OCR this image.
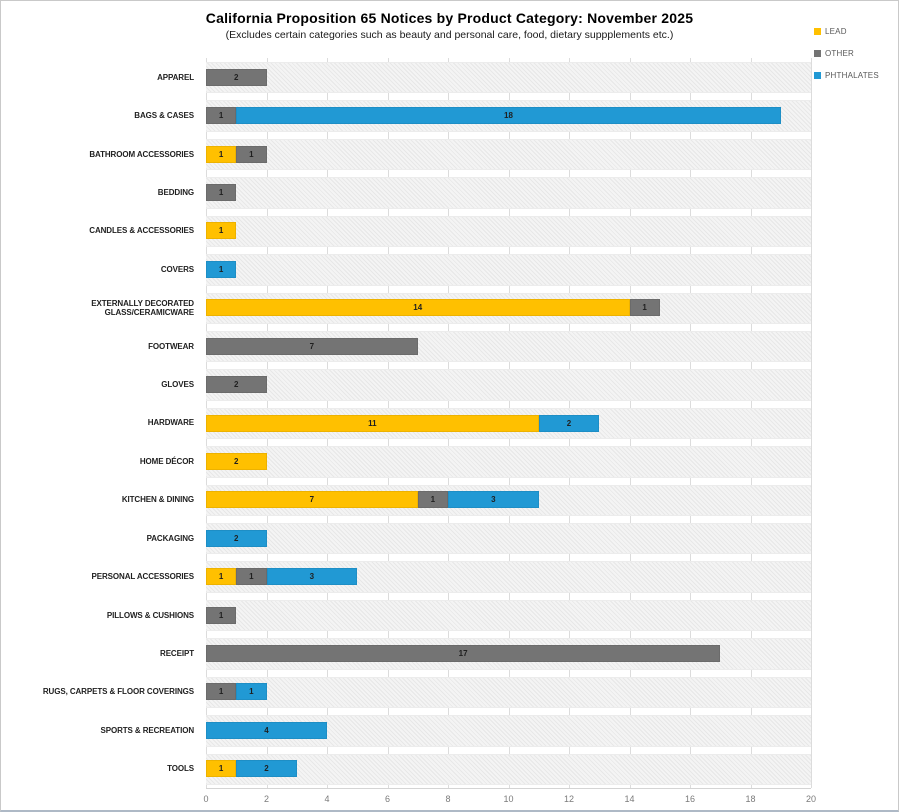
California Proposition 65 Notices by Product Category: November 2025
(Excludes certain categories such as beauty and personal care, food, dietary suppplements etc.)	LEAD
OTHER
PHTHALATES
0	2	4	6	8	10	12	14	16	18	20
APPAREL	2
BAGS & CASES	1	18
BATHROOM ACCESSORIES	1	1
BEDDING	1
CANDLES & ACCESSORIES	1
COVERS	1
EXTERNALLY DECORATED GLASS/CERAMICWARE	14	1
FOOTWEAR	7
GLOVES	2
HARDWARE	11	2
HOME DÉCOR	2
KITCHEN & DINING	7	1	3
PACKAGING	2
PERSONAL ACCESSORIES	1	1	3
PILLOWS & CUSHIONS	1
RECEIPT	17
RUGS, CARPETS & FLOOR COVERINGS	1	1
SPORTS & RECREATION	4
TOOLS	1	2
